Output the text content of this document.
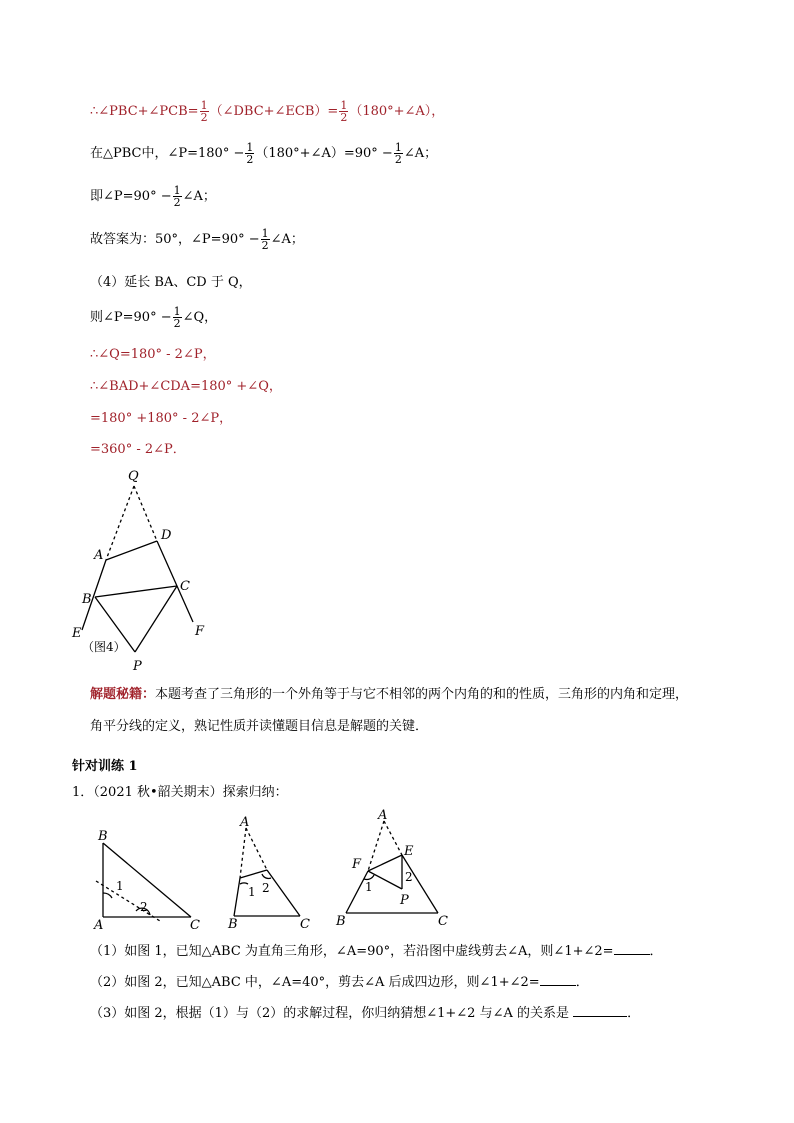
∴∠PBC+∠PCB= $\frac{1}{2}$ （∠DBC+∠ECB）= $\frac{1}{2}$ （180°+∠A），
在△PBC中，∠P=180° − $\frac{1}{2}$ （180°+∠A）=90° − $\frac{1}{2}$ ∠A；
即∠P=90° − $\frac{1}{2}$ ∠A；
故答案为：50°，∠P=90° − $\frac{1}{2}$ ∠A；
（4）延长 BA、CD 于 Q，
则∠P=90° − $\frac{1}{2}$ ∠Q，
∴∠Q=180° - 2∠P，
∴∠BAD+∠CDA=180° +∠Q，
=180° +180° - 2∠P，
=360° - 2∠P．
Q
D
A
C
B
E	F
P
（图4）
解题秘籍：本题考查了三角形的一个外角等于与它不相邻的两个内角的和的性质，三角形的内角和定理，
角平分线的定义，熟记性质并读懂题目信息是解题的关键．
针对训练 1
1．（2021 秋•韶关期末）探索归纳：
B
A	C
1
2
A
B	C
1 2
A
F
E
P
B	C
1
2
（1）如图 1，已知△ABC 为直角三角形，∠A=90°，若沿图中虚线剪去∠A，则∠1+∠2=	．
（2）如图 2，已知△ABC 中，∠A=40°，剪去∠A 后成四边形，则∠1+∠2=	．
（3）如图 2，根据（1）与（2）的求解过程，你归纳猜想∠1+∠2 与∠A 的关系是	．
